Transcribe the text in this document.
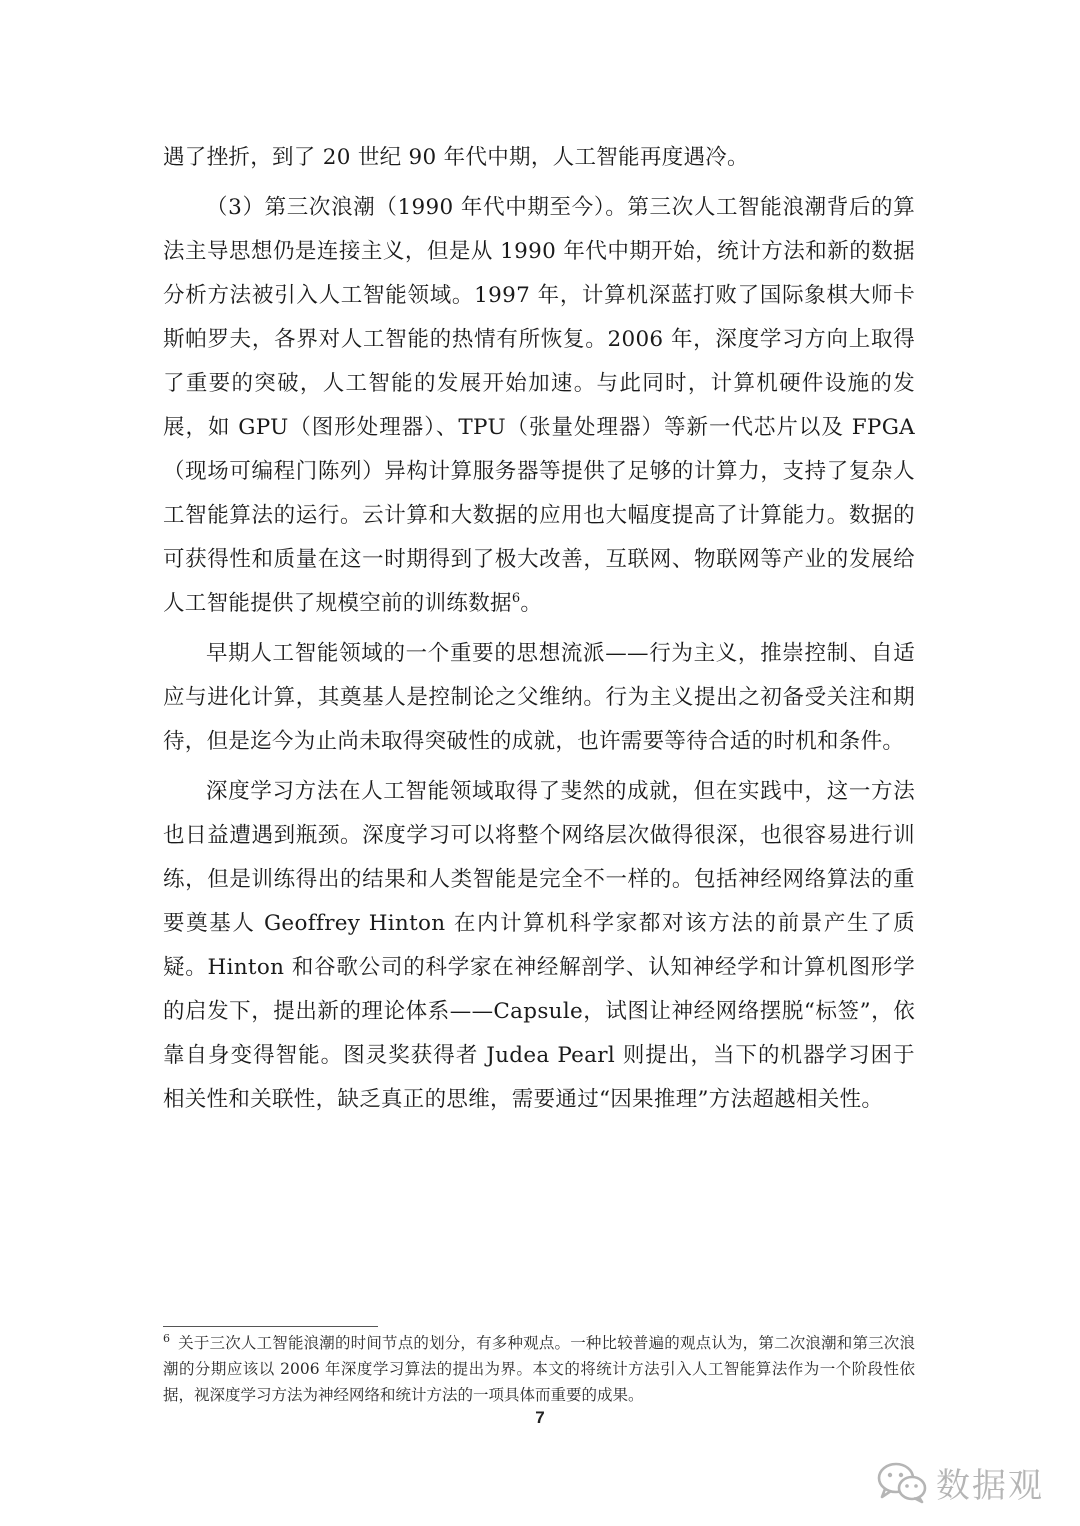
遇了挫折，到了 20 世纪 90 年代中期，人工智能再度遇冷。

（3）第三次浪潮（1990 年代中期至今）。第三次人工智能浪潮背后的算法主导思想仍是连接主义，但是从 1990 年代中期开始，统计方法和新的数据分析方法被引入人工智能领域。1997 年，计算机深蓝打败了国际象棋大师卡斯帕罗夫，各界对人工智能的热情有所恢复。2006 年，深度学习方向上取得了重要的突破，人工智能的发展开始加速。与此同时，计算机硬件设施的发展，如 GPU（图形处理器）、TPU（张量处理器）等新一代芯片以及 FPGA（现场可编程门陈列）异构计算服务器等提供了足够的计算力，支持了复杂人工智能算法的运行。云计算和大数据的应用也大幅度提高了计算能力。数据的可获得性和质量在这一时期得到了极大改善，互联网、物联网等产业的发展给人工智能提供了规模空前的训练数据$^6$。

早期人工智能领域的一个重要的思想流派——行为主义，推崇控制、自适应与进化计算，其奠基人是控制论之父维纳。行为主义提出之初备受关注和期待，但是迄今为止尚未取得突破性的成就，也许需要等待合适的时机和条件。

深度学习方法在人工智能领域取得了斐然的成就，但在实践中，这一方法也日益遭遇到瓶颈。深度学习可以将整个网络层次做得很深，也很容易进行训练，但是训练得出的结果和人类智能是完全不一样的。包括神经网络算法的重要奠基人 Geoffrey Hinton 在内计算机科学家都对该方法的前景产生了质疑。Hinton 和谷歌公司的科学家在神经解剖学、认知神经学和计算机图形学的启发下，提出新的理论体系——Capsule，试图让神经网络摆脱“标签”，依靠自身变得智能。图灵奖获得者 Judea Pearl 则提出，当下的机器学习困于相关性和关联性，缺乏真正的思维，需要通过“因果推理”方法超越相关性。

$^6$ 关于三次人工智能浪潮的时间节点的划分，有多种观点。一种比较普遍的观点认为，第二次浪潮和第三次浪潮的分期应该以 2006 年深度学习算法的提出为界。本文的将统计方法引入人工智能算法作为一个阶段性依据，视深度学习方法为神经网络和统计方法的一项具体而重要的成果。
7
数据观
